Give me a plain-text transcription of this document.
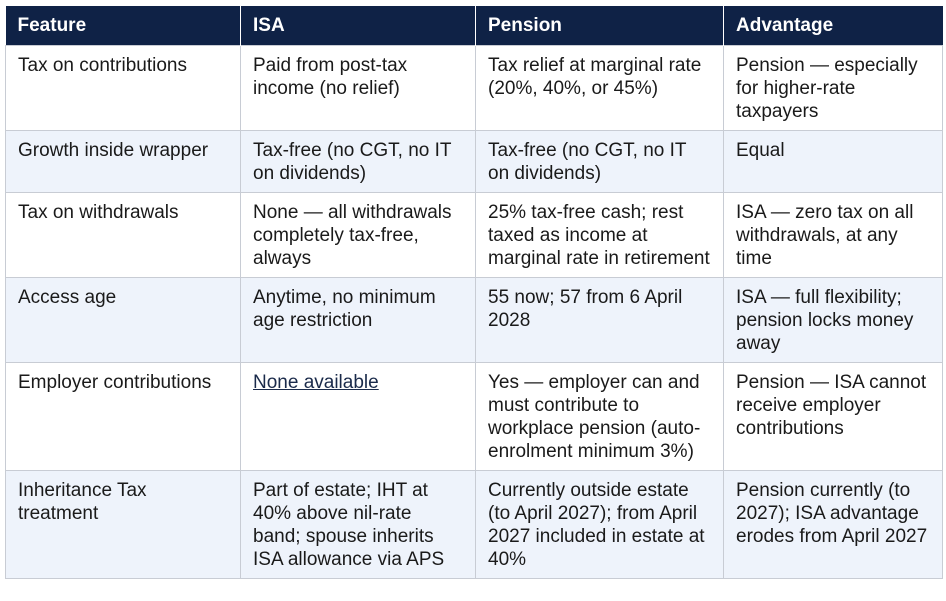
Feature	ISA	Pension	Advantage
Tax on contributions	Paid from post-tax income (no relief)	Tax relief at marginal rate (20%, 40%, or 45%)	Pension — especially for higher-rate taxpayers
Growth inside wrapper	Tax-free (no CGT, no IT on dividends)	Tax-free (no CGT, no IT on dividends)	Equal
Tax on withdrawals	None — all withdrawals completely tax-free, always	25% tax-free cash; rest taxed as income at marginal rate in retirement	ISA — zero tax on all withdrawals, at any time
Access age	Anytime, no minimum age restriction	55 now; 57 from 6 April 2028	ISA — full flexibility; pension locks money away
Employer contributions	None available	Yes — employer can and must contribute to workplace pension (auto-enrolment minimum 3%)	Pension — ISA cannot receive employer contributions
Inheritance Tax treatment	Part of estate; IHT at 40% above nil-rate band; spouse inherits ISA allowance via APS	Currently outside estate (to April 2027); from April 2027 included in estate at 40%	Pension currently (to 2027); ISA advantage erodes from April 2027
